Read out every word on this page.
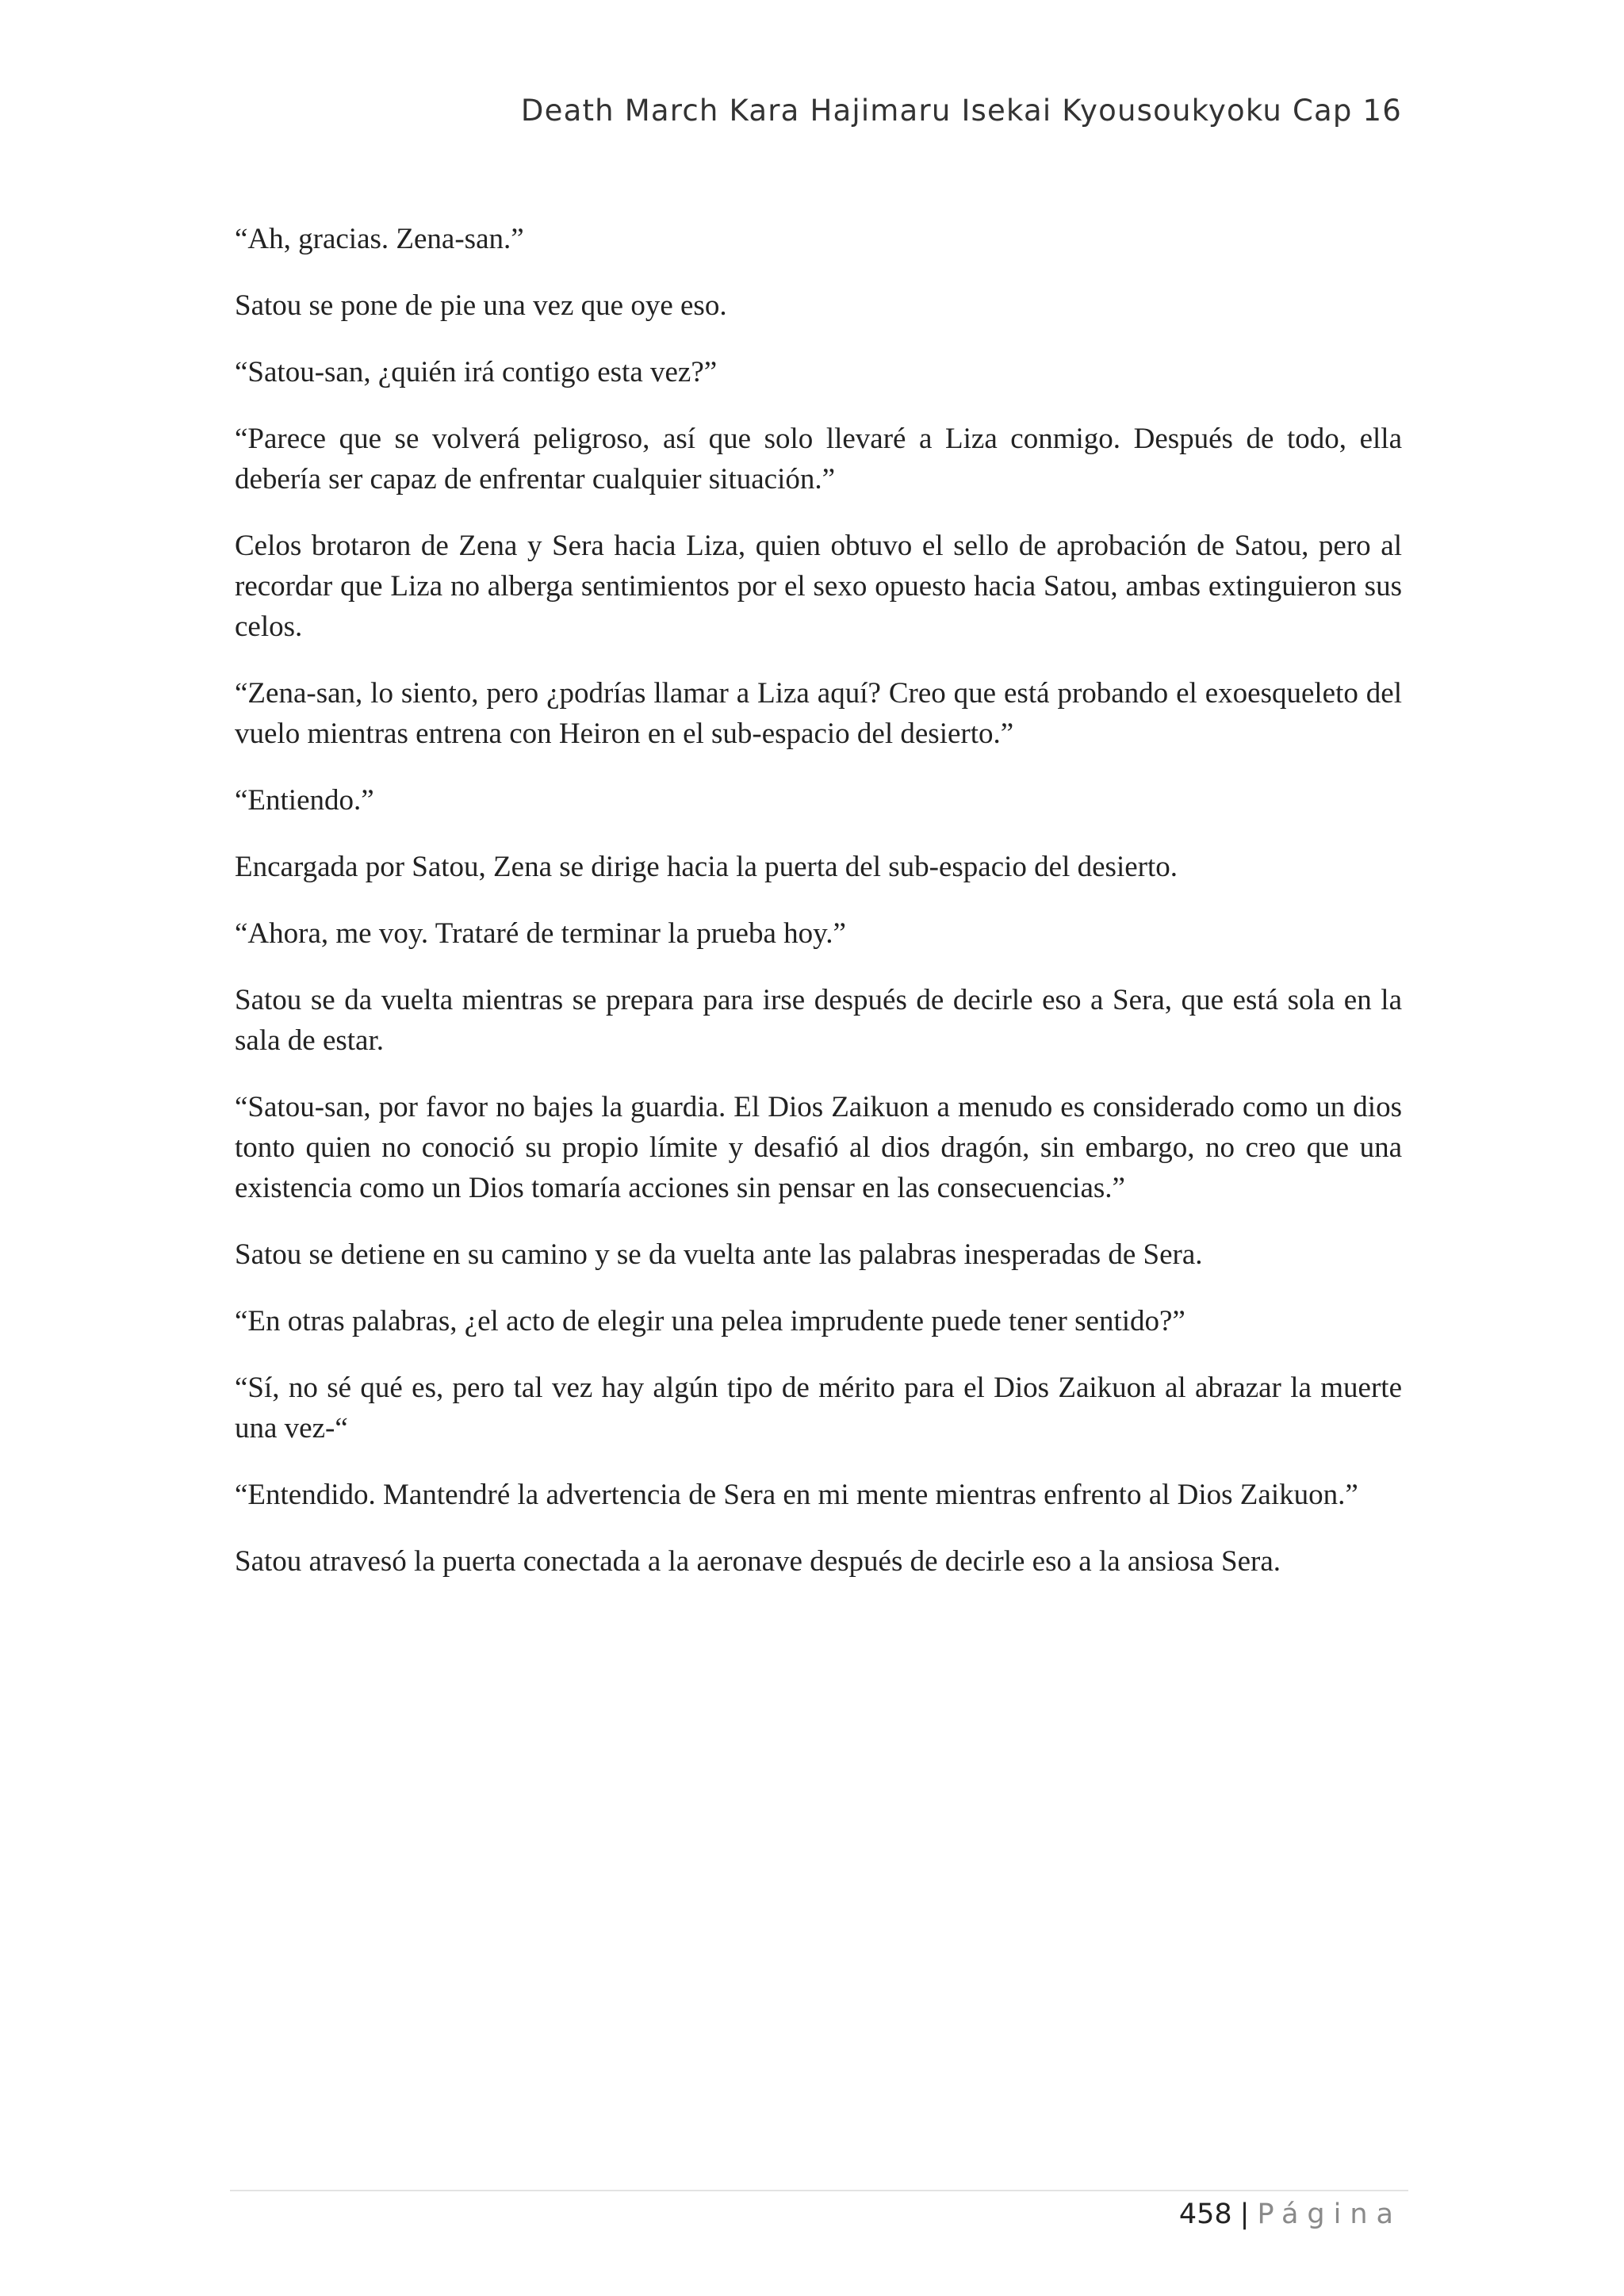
Death March Kara Hajimaru Isekai Kyousoukyoku Cap 16

“Ah, gracias. Zena-san.”

Satou se pone de pie una vez que oye eso.

“Satou-san, ¿quién irá contigo esta vez?”

“Parece que se volverá peligroso, así que solo llevaré a Liza conmigo. Después de todo, ella debería ser capaz de enfrentar cualquier situación.”

Celos brotaron de Zena y Sera hacia Liza, quien obtuvo el sello de aprobación de Satou, pero al recordar que Liza no alberga sentimientos por el sexo opuesto hacia Satou, ambas extinguieron sus celos.

“Zena-san, lo siento, pero ¿podrías llamar a Liza aquí? Creo que está probando el exoesqueleto del vuelo mientras entrena con Heiron en el sub-espacio del desierto.”

“Entiendo.”

Encargada por Satou, Zena se dirige hacia la puerta del sub-espacio del desierto.

“Ahora, me voy. Trataré de terminar la prueba hoy.”

Satou se da vuelta mientras se prepara para irse después de decirle eso a Sera, que está sola en la sala de estar.

“Satou-san, por favor no bajes la guardia. El Dios Zaikuon a menudo es considerado como un dios tonto quien no conoció su propio límite y desafió al dios dragón, sin embargo, no creo que una existencia como un Dios tomaría acciones sin pensar en las consecuencias.”

Satou se detiene en su camino y se da vuelta ante las palabras inesperadas de Sera.

“En otras palabras, ¿el acto de elegir una pelea imprudente puede tener sentido?”

“Sí, no sé qué es, pero tal vez hay algún tipo de mérito para el Dios Zaikuon al abrazar la muerte una vez-“

“Entendido. Mantendré la advertencia de Sera en mi mente mientras enfrento al Dios Zaikuon.”

Satou atravesó la puerta conectada a la aeronave después de decirle eso a la ansiosa Sera.

458 | Página
